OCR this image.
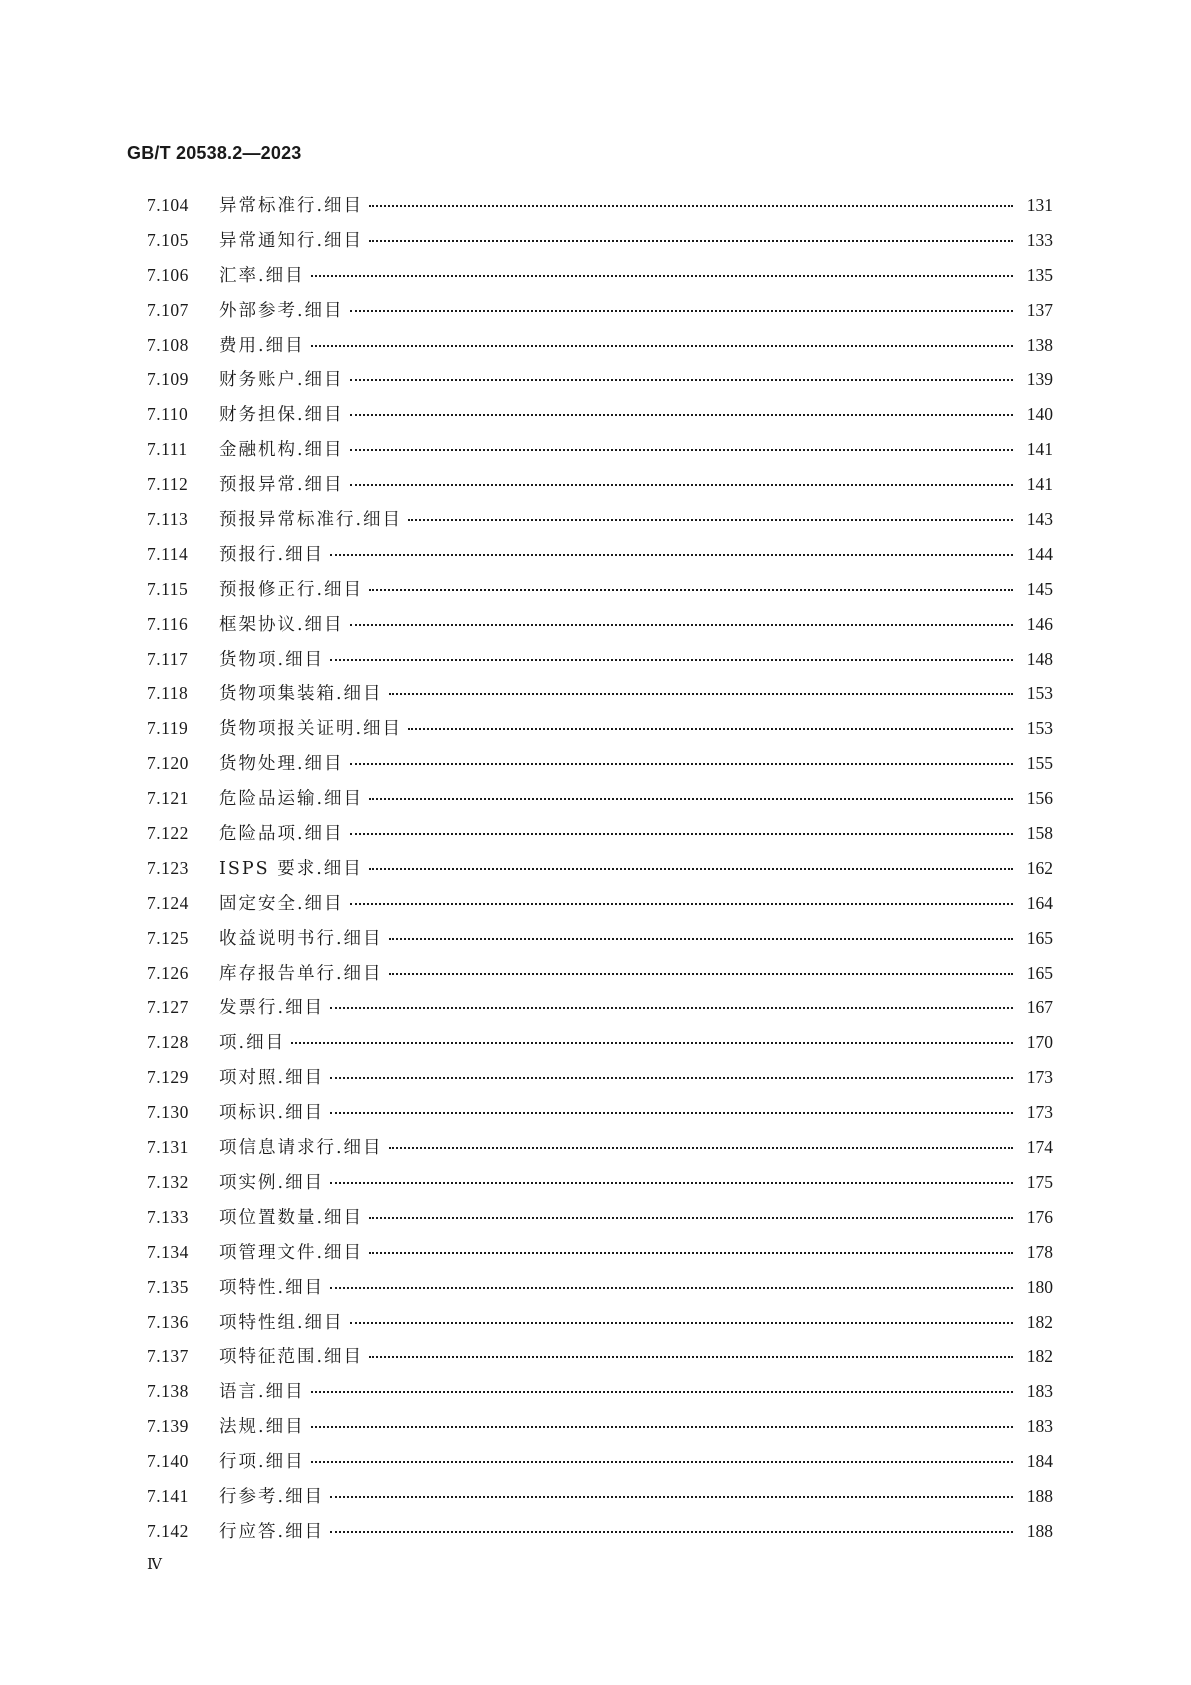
GB/T 20538.2—2023
7.104	异常标准行.细目	131
7.105	异常通知行.细目	133
7.106	汇率.细目	135
7.107	外部参考.细目	137
7.108	费用.细目	138
7.109	财务账户.细目	139
7.110	财务担保.细目	140
7.111	金融机构.细目	141
7.112	预报异常.细目	141
7.113	预报异常标准行.细目	143
7.114	预报行.细目	144
7.115	预报修正行.细目	145
7.116	框架协议.细目	146
7.117	货物项.细目	148
7.118	货物项集装箱.细目	153
7.119	货物项报关证明.细目	153
7.120	货物处理.细目	155
7.121	危险品运输.细目	156
7.122	危险品项.细目	158
7.123	ISPS 要求.细目	162
7.124	固定安全.细目	164
7.125	收益说明书行.细目	165
7.126	库存报告单行.细目	165
7.127	发票行.细目	167
7.128	项.细目	170
7.129	项对照.细目	173
7.130	项标识.细目	173
7.131	项信息请求行.细目	174
7.132	项实例.细目	175
7.133	项位置数量.细目	176
7.134	项管理文件.细目	178
7.135	项特性.细目	180
7.136	项特性组.细目	182
7.137	项特征范围.细目	182
7.138	语言.细目	183
7.139	法规.细目	183
7.140	行项.细目	184
7.141	行参考.细目	188
7.142	行应答.细目	188
Ⅳ
